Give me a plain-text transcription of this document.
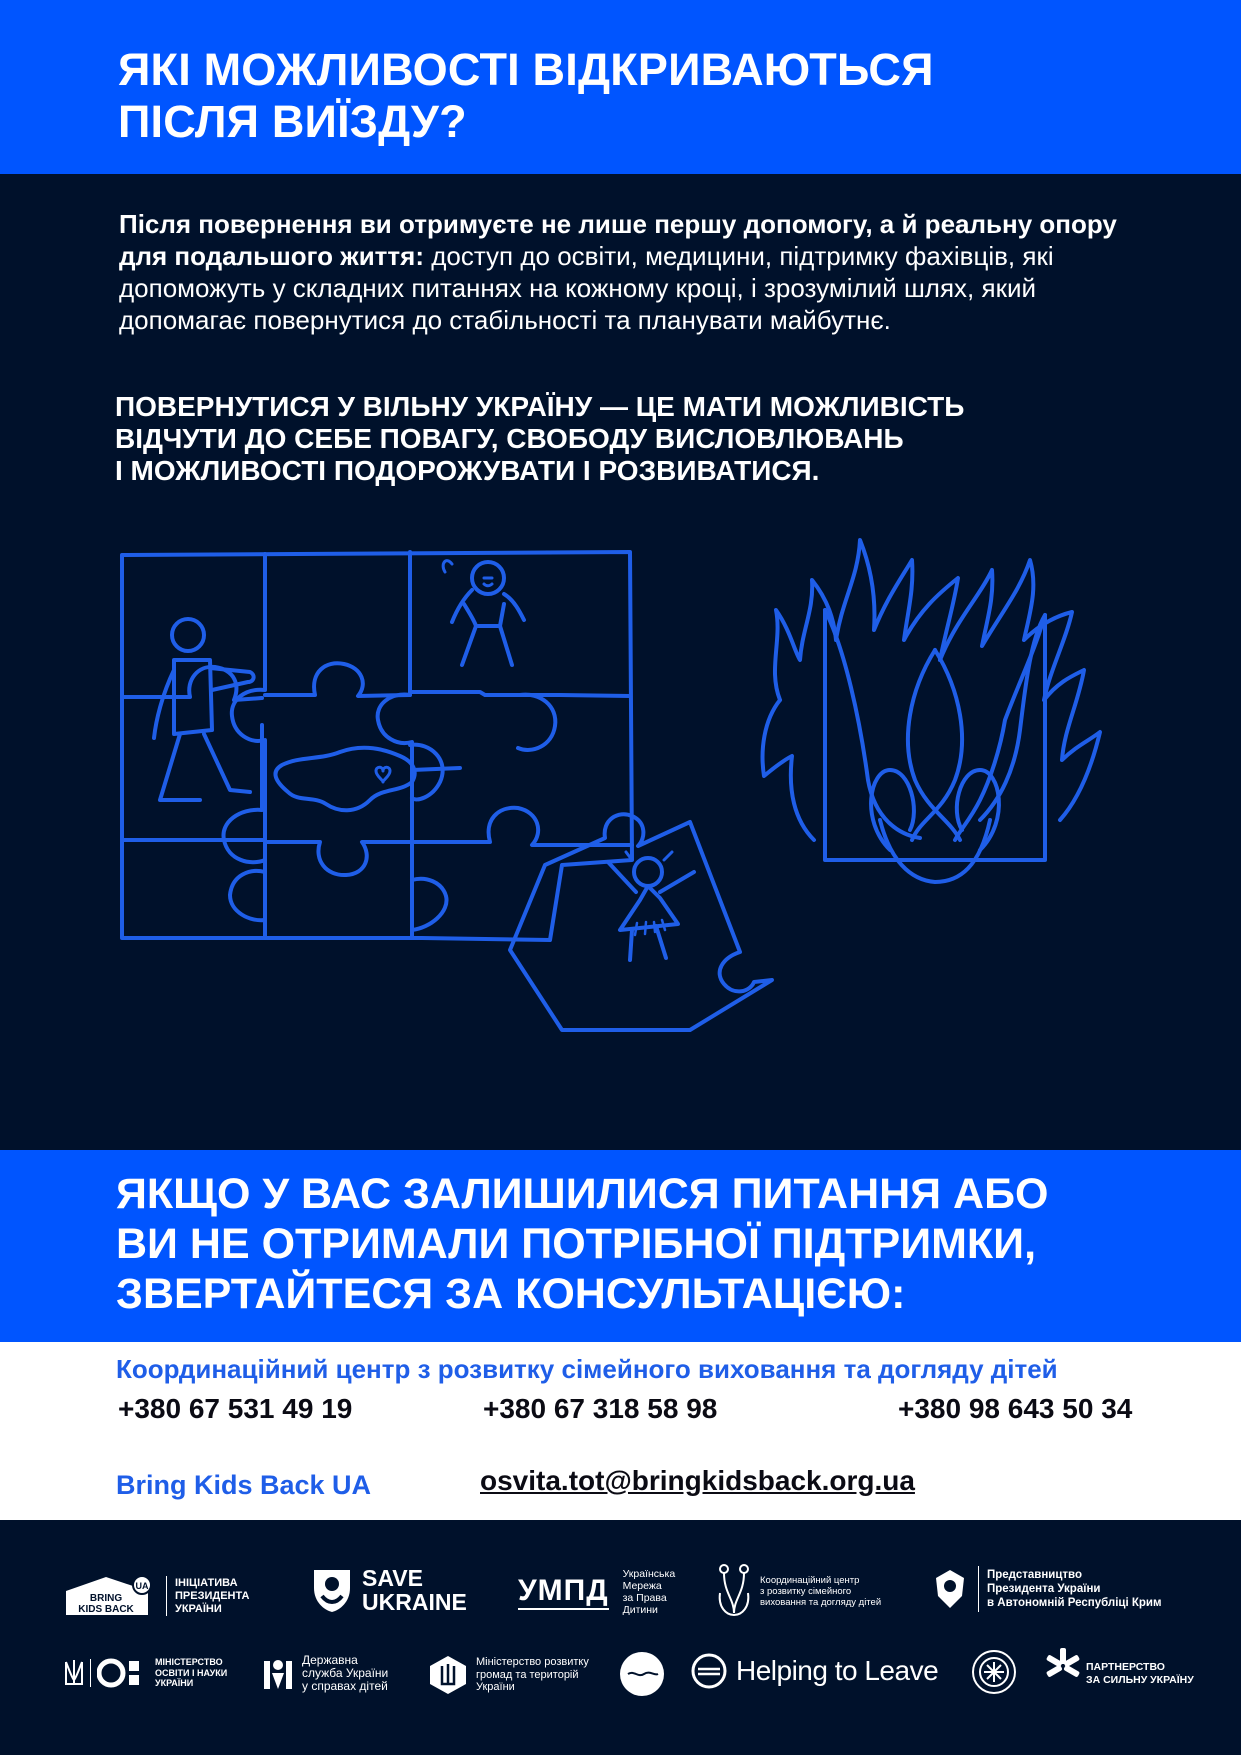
ЯКІ МОЖЛИВОСТІ ВІДКРИВАЮТЬСЯ
ПІСЛЯ ВИЇЗДУ?

Після повернення ви отримуєте не лише першу допомогу, а й реальну опору для подальшого життя: доступ до освіти, медицини, підтримку фахівців, які допоможуть у складних питаннях на кожному кроці, і зрозумілий шлях, який допомагає повернутися до стабільності та планувати майбутнє.

ПОВЕРНУТИСЯ У ВІЛЬНУ УКРАЇНУ — ЦЕ МАТИ МОЖЛИВІСТЬ
ВІДЧУТИ ДО СЕБЕ ПОВАГУ, СВОБОДУ ВИСЛОВЛЮВАНЬ
І МОЖЛИВОСТІ ПОДОРОЖУВАТИ І РОЗВИВАТИСЯ.

ЯКЩО У ВАС ЗАЛИШИЛИСЯ ПИТАННЯ АБО
ВИ НЕ ОТРИМАЛИ ПОТРІБНОЇ ПІДТРИМКИ,
ЗВЕРТАЙТЕСЯ ЗА КОНСУЛЬТАЦІЄЮ:
Координаційний центр з розвитку сімейного виховання та догляду дітей
+380 67 531 49 19	+380 67 318 58 98	+380 98 643 50 34
Bring Kids Back UA	osvita.tot@bringkidsback.org.ua
UA
BRING
KIDS BACK
ІНІЦІАТИВА
ПРЕЗИДЕНТА
УКРАЇНИ
SAVE
UKRAINE УМПД Українська
Мережа
за Права
Дитини
Координаційний центр
з розвитку сімейного
виховання та догляду дітей
Представництво
Президента України
в Автономній Республіці Крим
МІНІСТЕРСТВО
ОСВІТИ І НАУКИ
УКРАЇНИ
Державна
служба України
у справах дітей
Міністерство розвитку
громад та територій
України
Helping to Leave	ПАРТНЕРСТВО
ЗА СИЛЬНУ УКРАЇНУ
